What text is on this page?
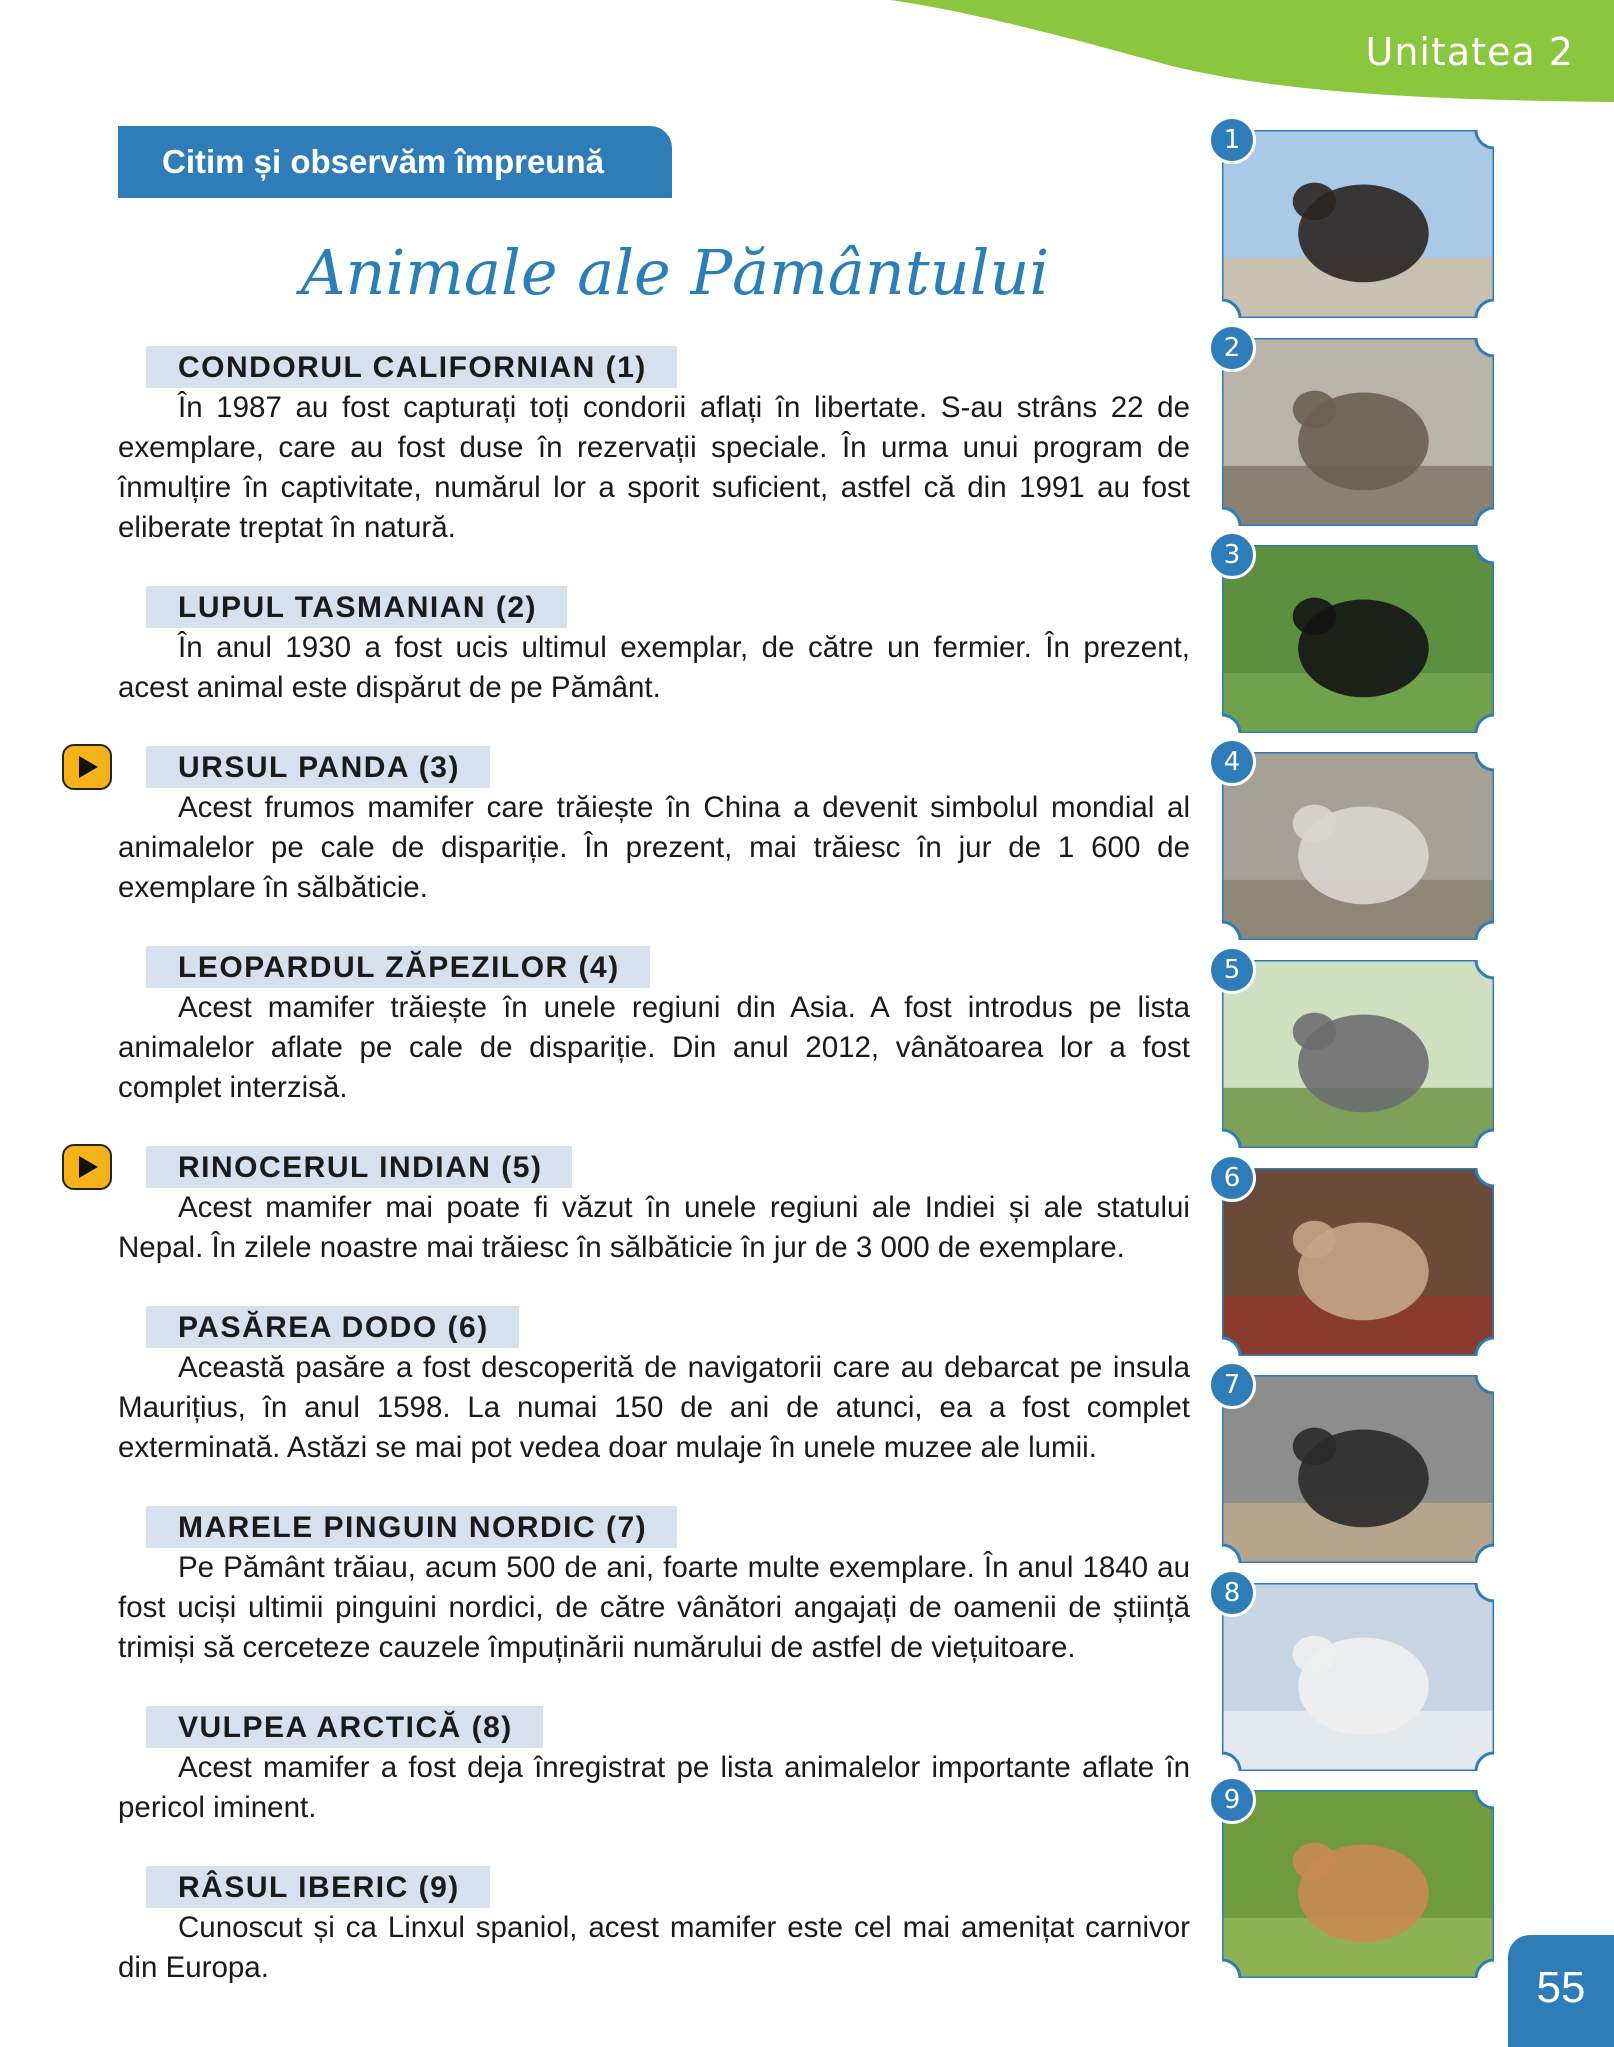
Unitatea 2
Citim și observăm împreună
Animale ale Pământului
CONDORUL CALIFORNIAN (1)

În 1987 au fost capturați toți condorii aflați în libertate. S-au strâns 22 de exemplare, care au fost duse în rezervații speciale. În urma unui program de înmulțire în captivitate, numărul lor a sporit suficient, astfel că din 1991 au fost eliberate treptat în natură.

LUPUL TASMANIAN (2)

În anul 1930 a fost ucis ultimul exemplar, de către un fermier. În prezent, acest animal este dispărut de pe Pământ.

URSUL PANDA (3)

Acest frumos mamifer care trăiește în China a devenit simbolul mondial al animalelor pe cale de dispariție. În prezent, mai trăiesc în jur de 1 600 de exemplare în sălbăticie.

LEOPARDUL ZĂPEZILOR (4)

Acest mamifer trăiește în unele regiuni din Asia. A fost introdus pe lista animalelor aflate pe cale de dispariție. Din anul 2012, vânătoarea lor a fost complet interzisă.

RINOCERUL INDIAN (5)

Acest mamifer mai poate fi văzut în unele regiuni ale Indiei și ale statului Nepal. În zilele noastre mai trăiesc în sălbăticie în jur de 3 000 de exemplare.

PASĂREA DODO (6)

Această pasăre a fost descoperită de navigatorii care au debarcat pe insula Maurițius, în anul 1598. La numai 150 de ani de atunci, ea a fost complet exterminată. Astăzi se mai pot vedea doar mulaje în unele muzee ale lumii.

MARELE PINGUIN NORDIC (7)

Pe Pământ trăiau, acum 500 de ani, foarte multe exemplare. În anul 1840 au fost uciși ultimii pinguini nordici, de către vânători angajați de oamenii de știință trimiși să cerceteze cauzele împuținării numărului de astfel de viețuitoare.

VULPEA ARCTICĂ (8)

Acest mamifer a fost deja înregistrat pe lista animalelor importante aflate în pericol iminent.

RÂSUL IBERIC (9)

Cunoscut și ca Linxul spaniol, acest mamifer este cel mai amenițat carnivor din Europa.

1
2
3
4
5
6
7
8
9
55
